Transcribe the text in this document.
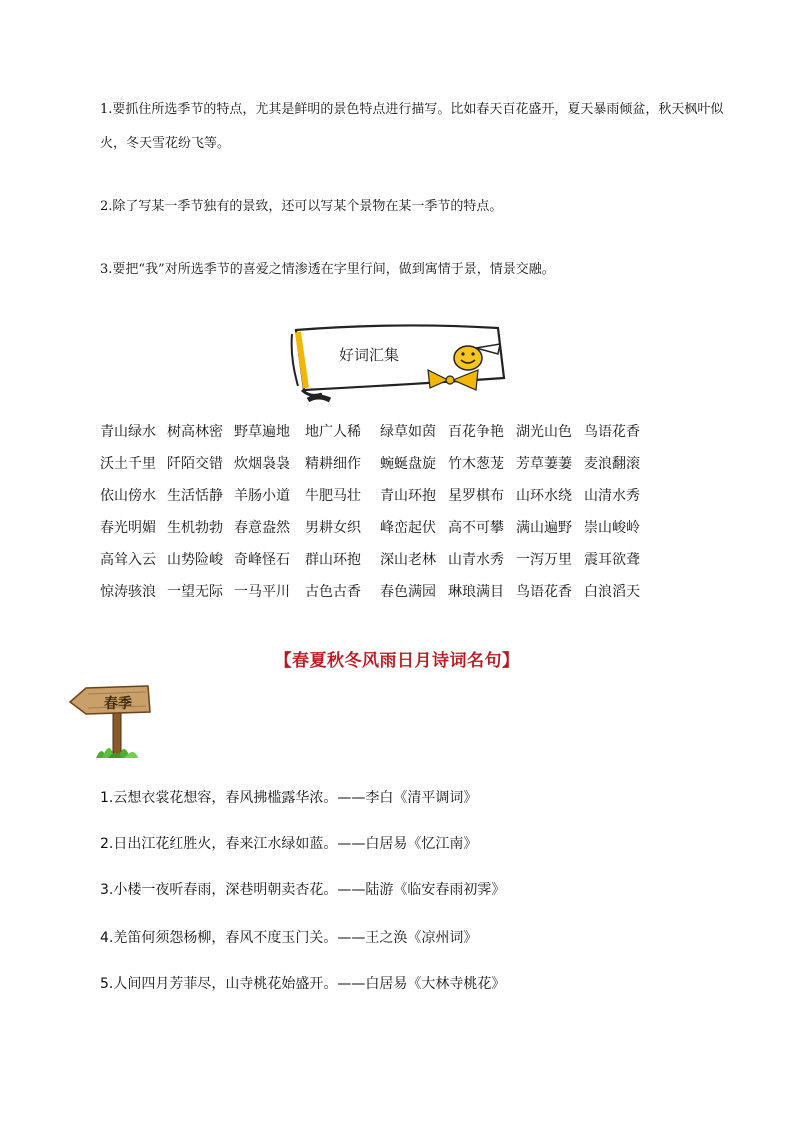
1.要抓住所选季节的特点，尤其是鲜明的景色特点进行描写。比如春天百花盛开，夏天暴雨倾盆，秋天枫叶似火，冬天雪花纷飞等。
2.除了写某一季节独有的景致，还可以写某个景物在某一季节的特点。
3.要把“我”对所选季节的喜爱之情渗透在字里行间，做到寓情于景，情景交融。
好词汇集
青山绿水 树高林密 野草遍地	地广人稀	绿草如茵 百花争艳 湖光山色 鸟语花香
沃土千里 阡陌交错 炊烟袅袅	精耕细作	蜿蜒盘旋 竹木葱茏 芳草萋萋 麦浪翻滚
依山傍水 生活恬静 羊肠小道	牛肥马壮	青山环抱 星罗棋布 山环水绕 山清水秀
春光明媚 生机勃勃 春意盎然	男耕女织	峰峦起伏 高不可攀 满山遍野 崇山峻岭
高耸入云 山势险峻 奇峰怪石	群山环抱	深山老林 山青水秀 一泻万里 震耳欲聋
惊涛骇浪 一望无际 一马平川	古色古香	春色满园 琳琅满目 鸟语花香 白浪滔天
【春夏秋冬风雨日月诗词名句】
春季
1.云想衣裳花想容，春风拂槛露华浓。——李白《清平调词》
2.日出江花红胜火，春来江水绿如蓝。——白居易《忆江南》
3.小楼一夜听春雨，深巷明朝卖杏花。——陆游《临安春雨初霁》
4.羌笛何须怨杨柳，春风不度玉门关。——王之涣《凉州词》
5.人间四月芳菲尽，山寺桃花始盛开。——白居易《大林寺桃花》
